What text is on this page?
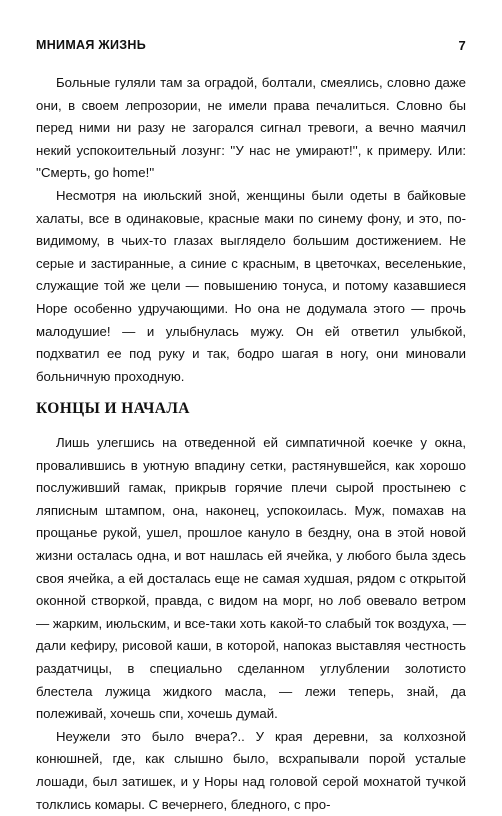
МНИМАЯ ЖИЗНЬ	7

Больные гуляли там за оградой, болтали, смеялись, словно даже они, в своем лепрозории, не имели права печалиться. Словно бы перед ними ни разу не загорался сигнал тревоги, а вечно маячил некий успокоительный лозунг: ''У нас не умирают!'', к примеру. Или: ''Смерть, go home!''

Несмотря на июльский зной, женщины были одеты в байковые халаты, все в одинаковые, красные маки по синему фону, и это, по-видимому, в чьих-то глазах выглядело большим достижением. Не серые и застиранные, а синие с красным, в цветочках, веселенькие, служащие той же цели — повышению тонуса, и потому казавшиеся Норе особенно удручающими. Но она не додумала этого — прочь малодушие! — и улыбнулась мужу. Он ей ответил улыбкой, подхватил ее под руку и так, бодро шагая в ногу, они миновали больничную проходную.

КОНЦЫ И НАЧАЛА

Лишь улегшись на отведенной ей симпатичной коечке у окна, провалившись в уютную впадину сетки, растянувшейся, как хорошо послуживший гамак, прикрыв горячие плечи сырой простынею с ляписным штампом, она, наконец, успокоилась. Муж, помахав на прощанье рукой, ушел, прошлое кануло в бездну, она в этой новой жизни осталась одна, и вот нашлась ей ячейка, у любого была здесь своя ячейка, а ей досталась еще не самая худшая, рядом с открытой оконной створкой, правда, с видом на морг, но лоб овевало ветром — жарким, июльским, и все-таки хоть какой-то слабый ток воздуха, — дали кефиру, рисовой каши, в которой, напоказ выставляя честность раздатчицы, в специально сделанном углублении золотисто блестела лужица жидкого масла, — лежи теперь, знай, да полеживай, хочешь спи, хочешь думай.

Неужели это было вчера?.. У края деревни, за колхозной конюшней, где, как слышно было, всхрапывали порой усталые лошади, был затишек, и у Норы над головой серой мохнатой тучкой толклись комары. С вечернего, бледного, с про-
